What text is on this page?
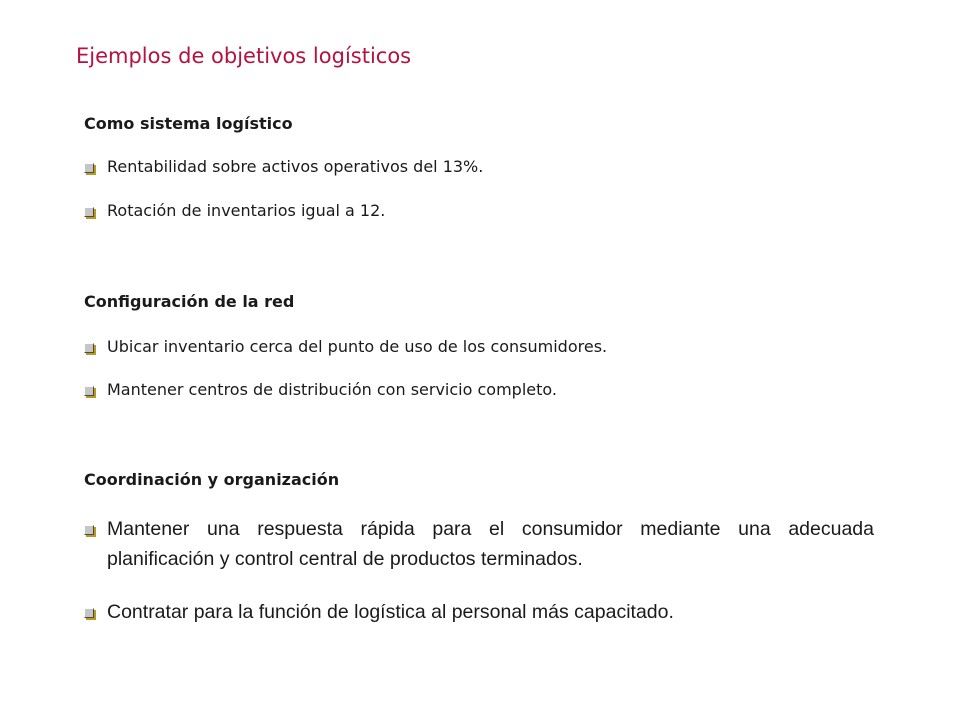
Ejemplos de objetivos logísticos
Como sistema logístico
Rentabilidad sobre activos operativos del 13%.
Rotación de inventarios igual a 12.
Configuración de la red
Ubicar inventario cerca del punto de uso de los consumidores.
Mantener centros de distribución con servicio completo.
Coordinación y organización
Mantener una respuesta rápida para el consumidor mediante una adecuada planificación y control central de productos terminados.
Contratar para la función de logística al personal más capacitado.
